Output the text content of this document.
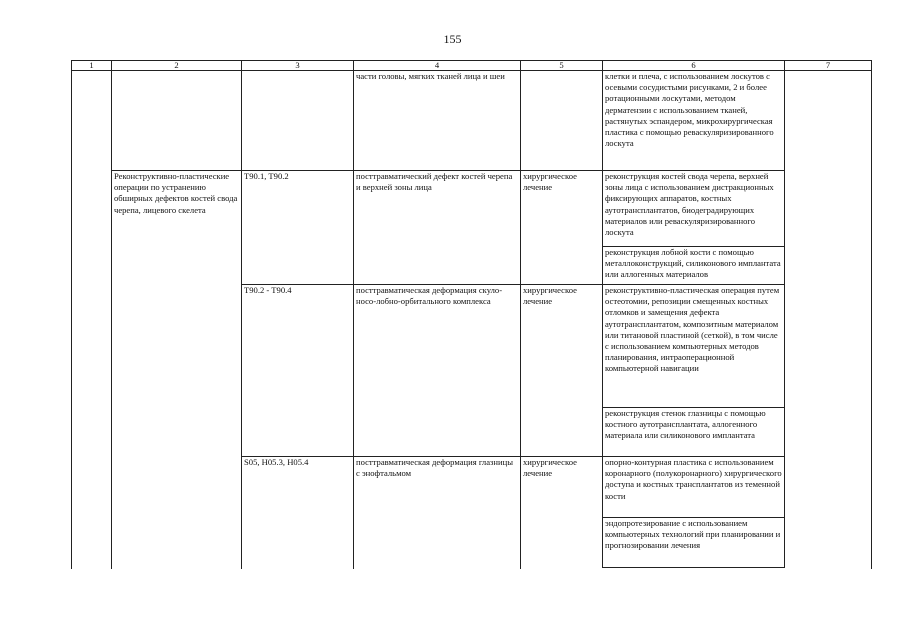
155
1	2	3	4	5	6	7
			части головы, мягких тканей лица и шеи		клетки и плеча, с использованием лоскутов с осевыми сосудистыми рисунками, 2 и более ротационными лоскутами, методом дерматензии с использованием тканей, растянутых эспандером, микрохирургическая пластика с помощью реваскуляризированного лоскута	
	Реконструктивно-пластические операции по устранению обширных дефектов костей свода черепа, лицевого скелета	T90.1, T90.2	посттравматический дефект костей черепа и верхней зоны лица	хирургическое лечение	реконструкция костей свода черепа, верхней зоны лица с использованием дистракционных фиксирующих аппаратов, костных аутотрансплантатов, биодеградирующих материалов или реваскуляризированного лоскута	
					реконструкция лобной кости с помощью металлоконструкций, силиконового имплантата или аллогенных материалов	
		T90.2 - T90.4	посттравматическая деформация скуло-носо-лобно-орбитального комплекса	хирургическое лечение	реконструктивно-пластическая операция путем остеотомии, репозиции смещенных костных отломков и замещения дефекта аутотрансплантатом, композитным материалом или титановой пластиной (сеткой), в том числе с использованием компьютерных методов планирования, интраоперационной компьютерной навигации	
					реконструкция стенок глазницы с помощью костного аутотрансплантата, аллогенного материала или силиконового имплантата	
		S05, H05.3, H05.4	посттравматическая деформация глазницы с энофтальмом	хирургическое лечение	опорно-контурная пластика с использованием коронарного (полукоронарного) хирургического доступа и костных трансплантатов из теменной кости	
					эндопротезирование с использованием компьютерных технологий при планировании и прогнозировании лечения	
